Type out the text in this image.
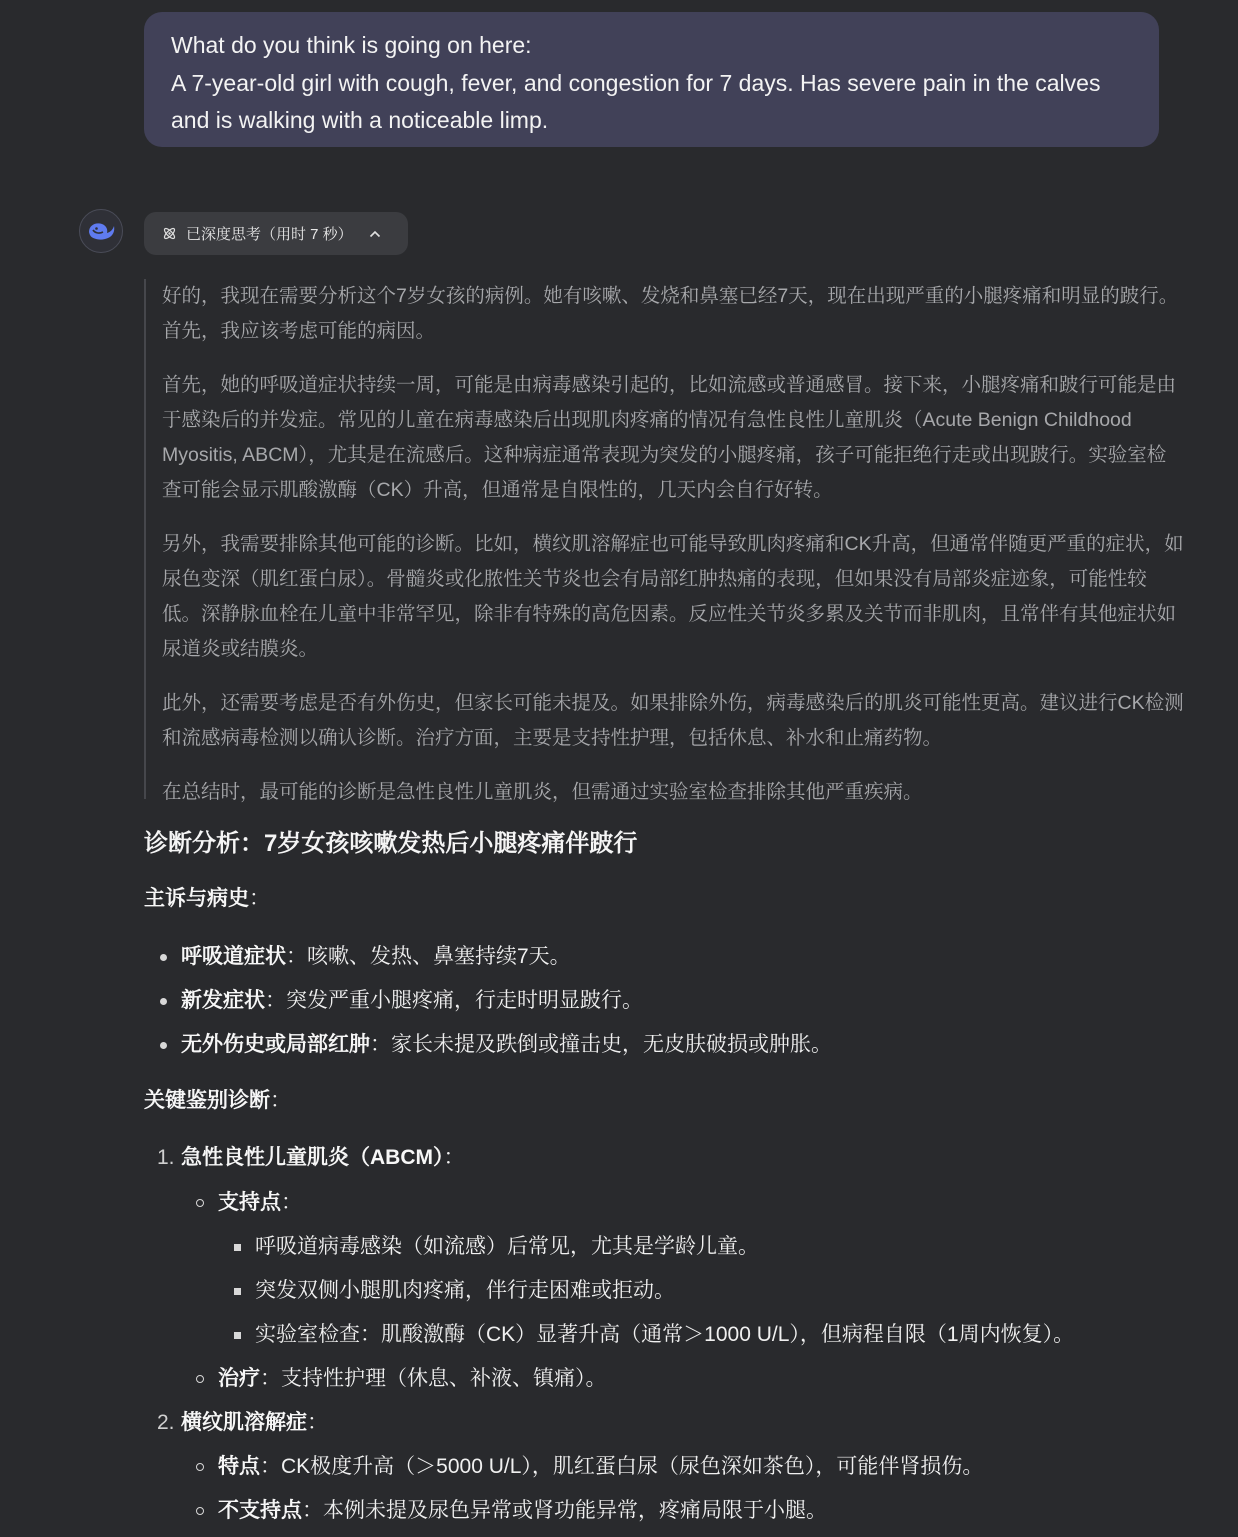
What do you think is going on here:
A 7-year-old girl with cough, fever, and congestion for 7 days. Has severe pain in the calves
and is walking with a noticeable limp.
已深度思考（用时 7 秒）

好的，我现在需要分析这个7岁女孩的病例。她有咳嗽、发烧和鼻塞已经7天，现在出现严重的小腿疼痛和明显的跛行。
首先，我应该考虑可能的病因。

首先，她的呼吸道症状持续一周，可能是由病毒感染引起的，比如流感或普通感冒。接下来，小腿疼痛和跛行可能是由
于感染后的并发症。常见的儿童在病毒感染后出现肌肉疼痛的情况有急性良性儿童肌炎（Acute Benign Childhood
Myositis, ABCM），尤其是在流感后。这种病症通常表现为突发的小腿疼痛，孩子可能拒绝行走或出现跛行。实验室检
查可能会显示肌酸激酶（CK）升高，但通常是自限性的，几天内会自行好转。

另外，我需要排除其他可能的诊断。比如，横纹肌溶解症也可能导致肌肉疼痛和CK升高，但通常伴随更严重的症状，如
尿色变深（肌红蛋白尿）。骨髓炎或化脓性关节炎也会有局部红肿热痛的表现，但如果没有局部炎症迹象，可能性较
低。深静脉血栓在儿童中非常罕见，除非有特殊的高危因素。反应性关节炎多累及关节而非肌肉，且常伴有其他症状如
尿道炎或结膜炎。

此外，还需要考虑是否有外伤史，但家长可能未提及。如果排除外伤，病毒感染后的肌炎可能性更高。建议进行CK检测
和流感病毒检测以确认诊断。治疗方面，主要是支持性护理，包括休息、补水和止痛药物。

在总结时，最可能的诊断是急性良性儿童肌炎，但需通过实验室检查排除其他严重疾病。

诊断分析：7岁女孩咳嗽发热后小腿疼痛伴跛行
主诉与病史：
呼吸道症状：咳嗽、发热、鼻塞持续7天。
新发症状：突发严重小腿疼痛，行走时明显跛行。
无外伤史或局部红肿：家长未提及跌倒或撞击史，无皮肤破损或肿胀。
关键鉴别诊断：
1. 急性良性儿童肌炎（ABCM）：
支持点：
呼吸道病毒感染（如流感）后常见，尤其是学龄儿童。
突发双侧小腿肌肉疼痛，伴行走困难或拒动。
实验室检查：肌酸激酶（CK）显著升高（通常＞1000 U/L），但病程自限（1周内恢复）。
治疗：支持性护理（休息、补液、镇痛）。
2. 横纹肌溶解症：
特点：CK极度升高（＞5000 U/L），肌红蛋白尿（尿色深如茶色），可能伴肾损伤。
不支持点：本例未提及尿色异常或肾功能异常，疼痛局限于小腿。
